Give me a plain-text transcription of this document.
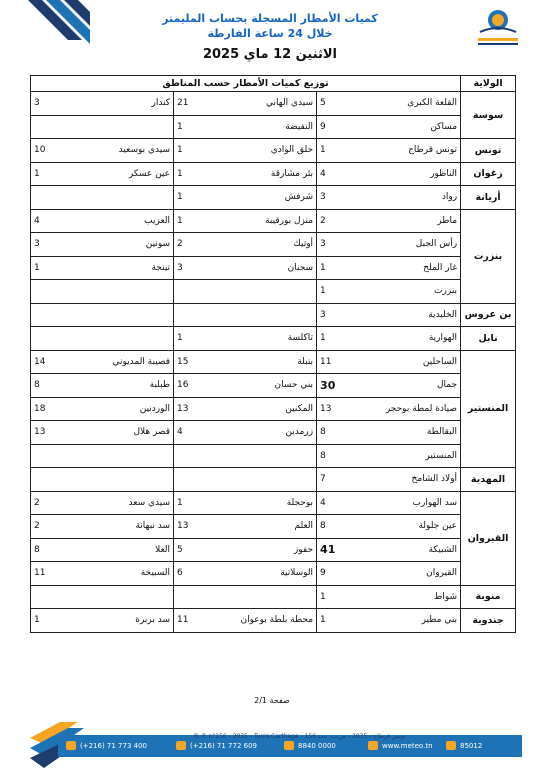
كميات الأمطار المسجلة بحساب المليمتر
خلال 24 ساعة الفارطة
الاثنين 12 ماي 2025
الولاية	توزيع كميات الأمطار حسب المناطق					
سوسة	القلعة الكبرى	5	سيدي الهاني	21	كندار	3
	مساكن	9	النفيضة	1		
تونس	تونس قرطاج	1	حلق الوادي	1	سيدي بوسعيد	10
زغوان	الناظور	4	بئر مشارقة	1	عين عسكر	1
أريانة	رواد	3	شرفش	1		
بنزرت	ماطر	2	منزل بورقيبة	1	العزيب	4
	رأس الجبل	3	أوتيك	2	سونين	3
	غار الملح	1	سجنان	3	تينجة	1
	بنزرت	1				
بن عروس	الخليدية	3				
نابل	الهوارية	1	تاكلسة	1		
المنستير	الساحلين	11	بنبلة	15	قصيبة المديوني	14
	جمال	30	بني حسان	16	طبلبة	8
	صيادة لمطة بوحجر	13	المكنين	13	الوردنين	18
	البقالطة	8	زرمدين	4	قصر هلال	13
	المنستير	8				
المهدية	أولاد الشامخ	7				
القيروان	سد الهوارب	4	بوحجلة	1	سيدي سعد	2
	عين جلولة	8	العلم	13	سد نبهانة	2
	الشبيكة	41	حفوز	5	العلا	8
	القيروان	9	الوسلاتية	6	السبيخة	11
منوبة	شواط	1				
جندوبة	بني مطير	1	محطة بلطة بوعوان	11	سد بربرة	1
صفحة 2/1
B. P. n°156 - 2035 - Tunis Carthage - تونس قرطاج - 2035 - ص.ب. عدد 156
(+216) 71 773 400	(+216) 71 772 609	8840 0000	www.meteo.tn	85012
